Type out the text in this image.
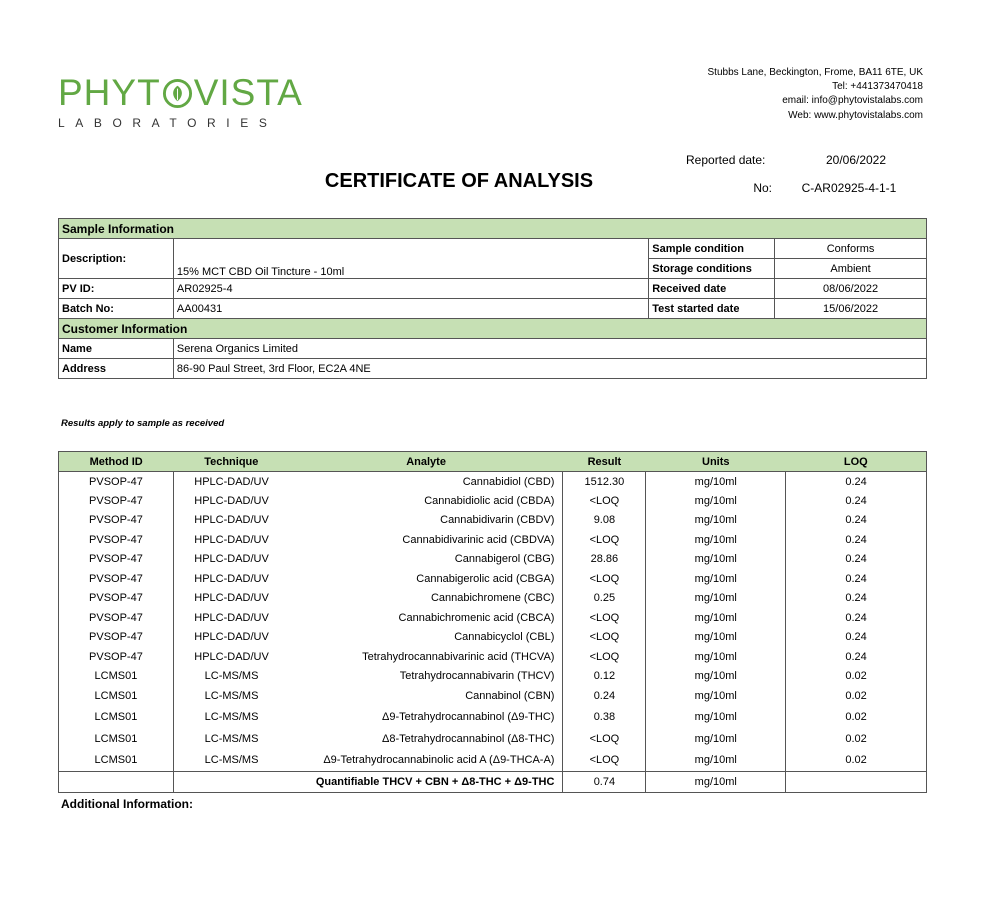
PHYT VISTA
LABORATORIES
Stubbs Lane, Beckington, Frome, BA11 6TE, UK
Tel: +441373470418
email: info@phytovistalabs.com
Web: www.phytovistalabs.com
Reported date:	20/06/2022
No:	C-AR02925-4-1-1
CERTIFICATE OF ANALYSIS
Sample Information			
Description:	15% MCT CBD Oil Tincture - 10ml	Sample condition	Conforms
		Storage conditions	Ambient
PV ID:	AR02925-4	Received date	08/06/2022
Batch No:	AA00431	Test started date	15/06/2022
Customer Information			
Name	Serena Organics Limited		
Address	86-90 Paul Street, 3rd Floor, EC2A 4NE		
Results apply to sample as received
Method ID	Technique	Analyte	Result	Units	LOQ
PVSOP-47	HPLC-DAD/UV	Cannabidiol (CBD)	1512.30	mg/10ml	0.24
PVSOP-47	HPLC-DAD/UV	Cannabidiolic acid (CBDA)	<LOQ	mg/10ml	0.24
PVSOP-47	HPLC-DAD/UV	Cannabidivarin (CBDV)	9.08	mg/10ml	0.24
PVSOP-47	HPLC-DAD/UV	Cannabidivarinic acid (CBDVA)	<LOQ	mg/10ml	0.24
PVSOP-47	HPLC-DAD/UV	Cannabigerol (CBG)	28.86	mg/10ml	0.24
PVSOP-47	HPLC-DAD/UV	Cannabigerolic acid (CBGA)	<LOQ	mg/10ml	0.24
PVSOP-47	HPLC-DAD/UV	Cannabichromene (CBC)	0.25	mg/10ml	0.24
PVSOP-47	HPLC-DAD/UV	Cannabichromenic acid (CBCA)	<LOQ	mg/10ml	0.24
PVSOP-47	HPLC-DAD/UV	Cannabicyclol (CBL)	<LOQ	mg/10ml	0.24
PVSOP-47	HPLC-DAD/UV	Tetrahydrocannabivarinic acid (THCVA)	<LOQ	mg/10ml	0.24
LCMS01	LC-MS/MS	Tetrahydrocannabivarin (THCV)	0.12	mg/10ml	0.02
LCMS01	LC-MS/MS	Cannabinol (CBN)	0.24	mg/10ml	0.02
LCMS01	LC-MS/MS	Δ9-Tetrahydrocannabinol (Δ9-THC)	0.38	mg/10ml	0.02
LCMS01	LC-MS/MS	Δ8-Tetrahydrocannabinol (Δ8-THC)	<LOQ	mg/10ml	0.02
LCMS01	LC-MS/MS	Δ9-Tetrahydrocannabinolic acid A (Δ9-THCA-A)	<LOQ	mg/10ml	0.02
		Quantifiable THCV + CBN + Δ8-THC + Δ9-THC	0.74	mg/10ml	
Additional Information:
